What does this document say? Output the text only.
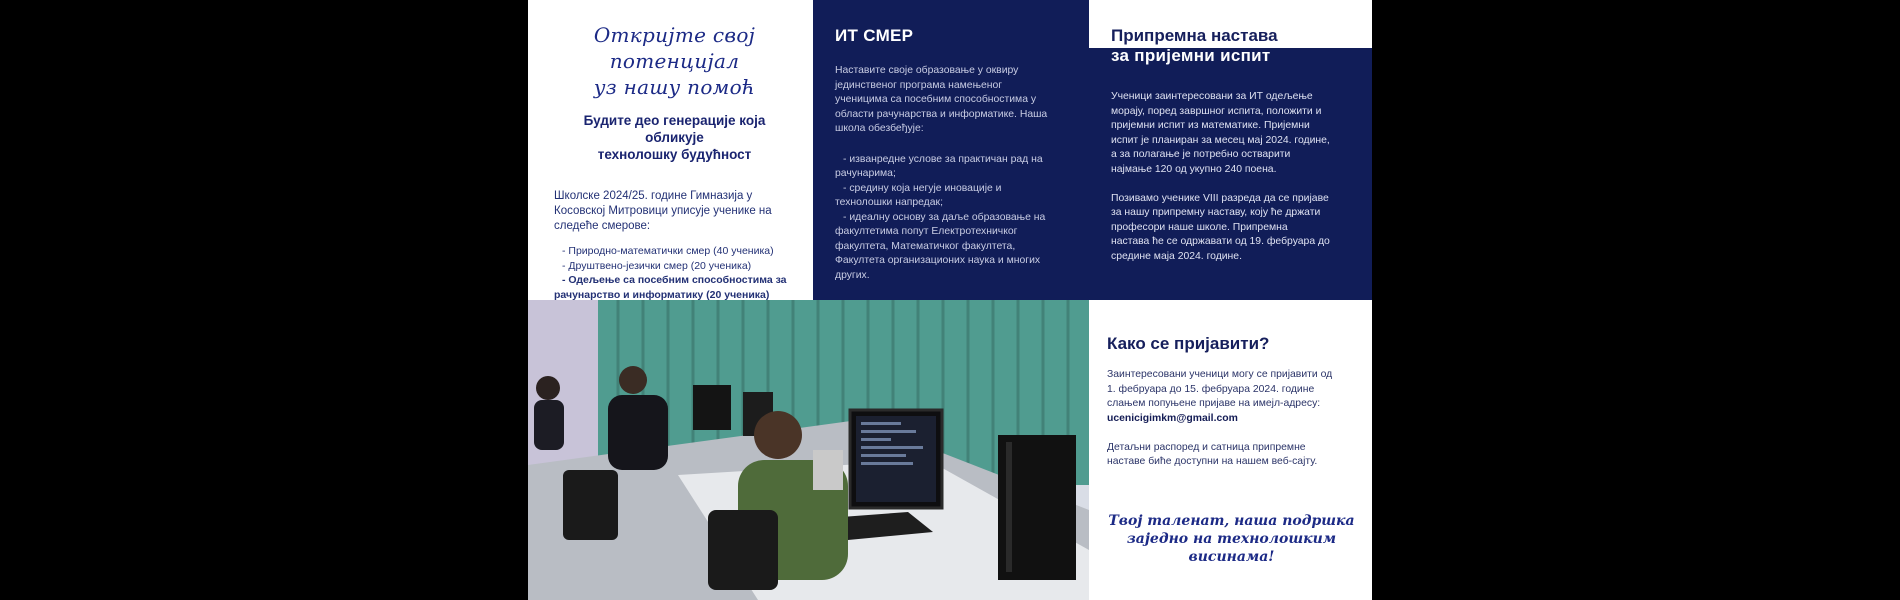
Откријте свој потенцијал
уз нашу помоћ
Будите део генерације која обликује
технолошку будућност
Школске 2024/25. године Гимназија у
Косовској Митровици уписује ученике на
следеће смерове:
- Природно-математички смер (40 ученика)
- Друштвено-језички смер (20 ученика)
- Одељење са посебним способностима за
рачунарство и информатику (20 ученика)
ИТ СМЕР
Наставите своје образовање у оквиру
јединственог програма намењеног
ученицима са посебним способностима у
области рачунарства и информатике. Наша
школа обезбеђује:
- изванредне услове за практичан рад на
рачунарима;
- средину која негује иновације и
технолошки напредак;
- идеалну основу за даље образовање на
факултетима попут Електротехничког
факултета, Математичког факултета,
Факултета организационих наука и многих
других.
Припремна настава
за пријемни испит

Ученици заинтересовани за ИТ одељење
морају, поред завршног испита, положити и
пријемни испит из математике. Пријемни
испит је планиран за месец мај 2024. године,
а за полагање је потребно остварити
најмање 120 од укупно 240 поена.

Позивамо ученике VIII разреда да се пријаве
за нашу припремну наставу, коју ће држати
професори наше школе. Припремна
настава ће се одржавати од 19. фебруара до
средине маја 2024. године.

Како се пријавити?
Заинтересовани ученици могу се пријавити од
1. фебруара до 15. фебруара 2024. године
слањем попуњене пријаве на имејл-адресу:
ucenicigimkm@gmail.com
Детаљни распоред и сатница припремне
наставе биће доступни на нашем веб-сајту.
Твој таленат, наша подршка
заједно на технолошким висинама!
